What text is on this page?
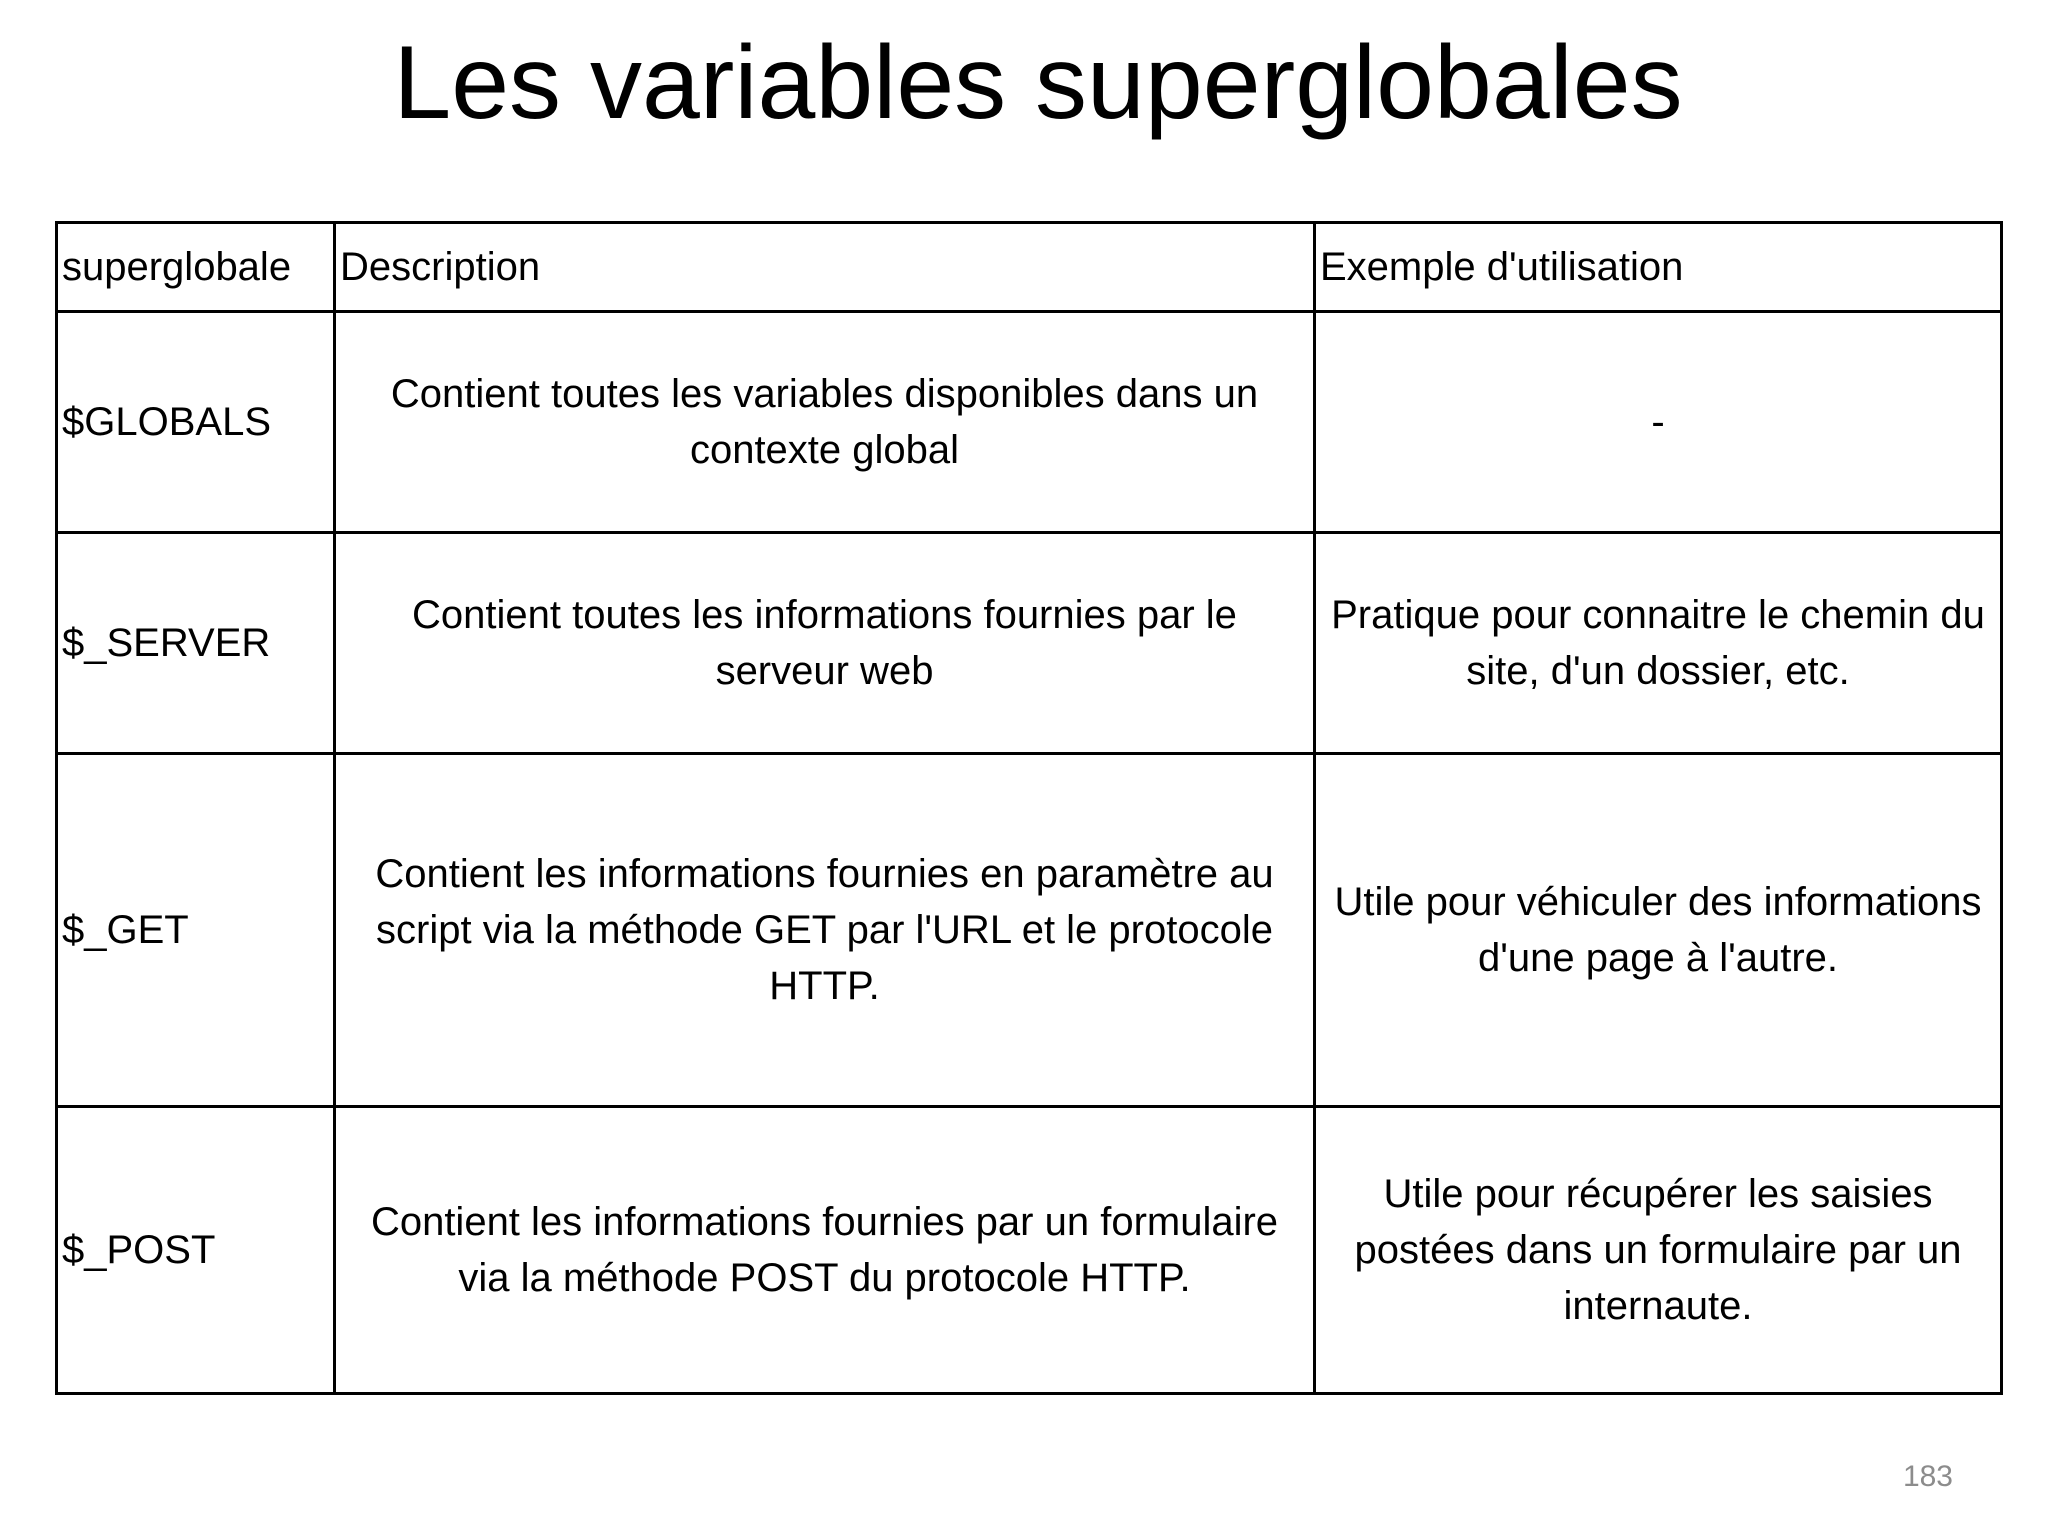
Les variables superglobales
superglobale	Description	Exemple d'utilisation
$GLOBALS	Contient toutes les variables disponibles dans un contexte global	-
$_SERVER	Contient toutes les informations fournies par le serveur web	Pratique pour connaitre le chemin du site, d'un dossier, etc.
$_GET	Contient les informations fournies en paramètre au script via la méthode GET par l'URL et le protocole HTTP.	Utile pour véhiculer des informations d'une page à l'autre.
$_POST	Contient les informations fournies par un formulaire via la méthode POST du protocole HTTP.	Utile pour récupérer les saisies postées dans un formulaire par un internaute.
183
